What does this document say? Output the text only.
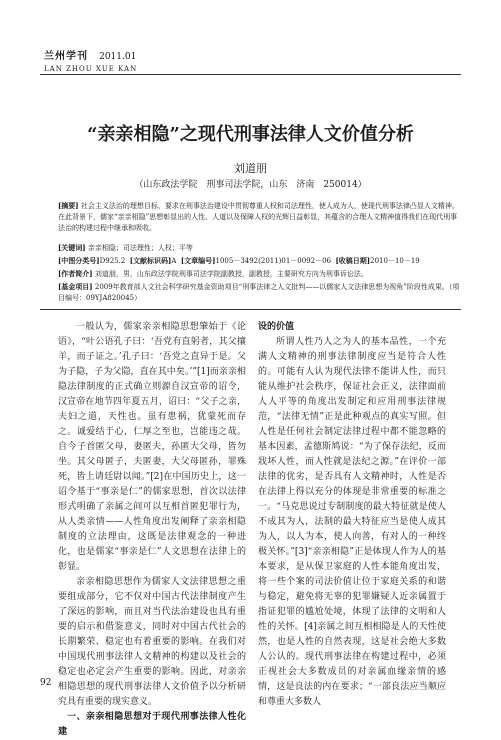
兰州学刊 2011.01
LAN ZHOU XUE KAN
“亲亲相隐”之现代刑事法律人文价值分析
刘道朋
（山东政法学院　刑事司法学院，山东　济南　250014）
[摘要] 社会主义法治的理想目标，要求在刑事法治建设中贯彻尊重人权和司法理性，使人成为人，使现代刑事法律凸显人文精神。在此背景下，儒家“亲亲相隐”思想彰显出的人性、人道以及保障人权的光辉日益彰显，其蕴含的合理人文精神值得我们在现代刑事法治的构建过程中继承和吸收。
[关键词] 亲亲相隐；司法理性；人权；平等
[中图分类号]D925.2 [文献标识码]A [文章编号]1005－3492(2011)01－0092－06 [收稿日期]2010－10－19
[作者简介] 刘道朋，男，山东政法学院刑事司法学院副教授，副教授，主要研究方向为刑事诉讼法。
[基金项目] 2009年教育部人文社会科学研究基金资助项目“刑事法律之人文批判——以儒家人文法律思想为视角”阶段性成果。（项目编号：09YJA820045）

一般认为，儒家亲亲相隐思想肇始于《论语》，“叶公语孔子曰：‘吾党有直躬者，其父攘羊，而子证之。’孔子曰：‘吾党之直异于是。父为子隐，子为父隐，直在其中矣。’”[1]而亲亲相隐法律制度的正式确立则源自汉宣帝的诏令，汉宣帝在地节四年夏五月，诏曰：“父子之亲，夫妇之道，天性也。虽有患祸，犹蒙死而存之。诚爱结于心，仁厚之至也，岂能违之哉。自今子首匿父母，妻匿夫，孙匿大父母，皆勿坐。其父母匿子，夫匿妻，大父母匿孙，罪殊死，皆上请廷尉以闻。”[2]在中国历史上，这一诏令基于“事亲是仁”的儒家思想，首次以法律形式明确了亲属之间可以互相首匿犯罪行为，从人类亲情——人性角度出发阐释了亲亲相隐制度的立法理由，这既是法律观念的一种进化，也是儒家“事亲是仁”人文思想在法律上的彰显。

亲亲相隐思想作为儒家人文法律思想之重要组成部分，它不仅对中国古代法律制度产生了深远的影响，而且对当代法治建设也具有重要的启示和借鉴意义，同时对中国古代社会的长期繁荣、稳定也有着重要的影响。在我们对中国现代刑事法律人文精神的构建以及社会的稳定也必定会产生重要的影响。因此，对亲亲相隐思想的现代刑事法律人文价值予以分析研究具有重要的现实意义。

一、亲亲相隐思想对于现代刑事法律人性化建

设的价值

所谓人性乃人之为人的基本品性，一个充满人文精神的刑事法律制度应当是符合人性的。可能有人认为现代法律不能讲人性，而只能从维护社会秩序，保证社会正义，法律面前人人平等的角度出发制定和应用刑事法律规范，“法律无情”正是此种观点的真实写照。但人性是任何社会制定法律过程中都不能忽略的基本因素，孟德斯鸠说：“为了保存法纪，反而戕坏人性，而人性就是法纪之源。”在评价一部法律的优劣，是否具有人文精神时，人性是否在法律上得以充分的体现是非常重要的标准之一。“马克思说过专制制度的最大特征就是使人不成其为人，法制的最大特征应当是使人成其为人，以人为本，使人向善，有对人的一种终极关怀。”[3]“亲亲相隐”正是体现人作为人的基本要求，是从保卫家庭的人性本能角度出发，将一些个案的司法价值让位于家庭关系的和谐与稳定，避免将无辜的犯罪嫌疑人近亲属置于指证犯罪的尴尬处境，体现了法律的文明和人性的关怀。[4]亲属之间互相相隐是人的天性使然，也是人性的自然表现，这是社会绝大多数人公认的。现代刑事法律在构建过程中，必须正视社会大多数成员的对亲属血缘亲情的感情，这是良法的内在要求；“一部良法应当顺应和尊重大多数人

92
